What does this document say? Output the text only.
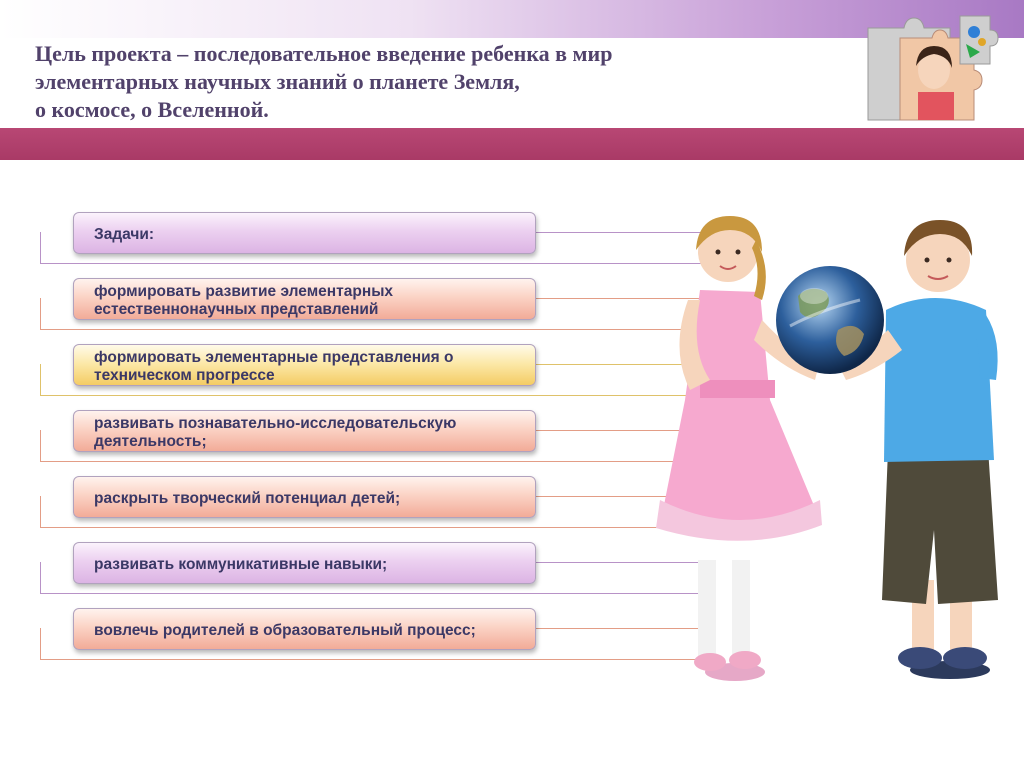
Цель проекта – последовательное введение ребенка в мир
элементарных научных знаний о планете Земля,
о космосе, о Вселенной.
Задачи:
формировать развитие элементарных естественнонаучных представлений
формировать элементарные представления о техническом прогрессе
развивать познавательно-исследовательскую деятельность;
раскрыть творческий потенциал детей;
развивать коммуникативные навыки;
вовлечь родителей в образовательный процесс;
